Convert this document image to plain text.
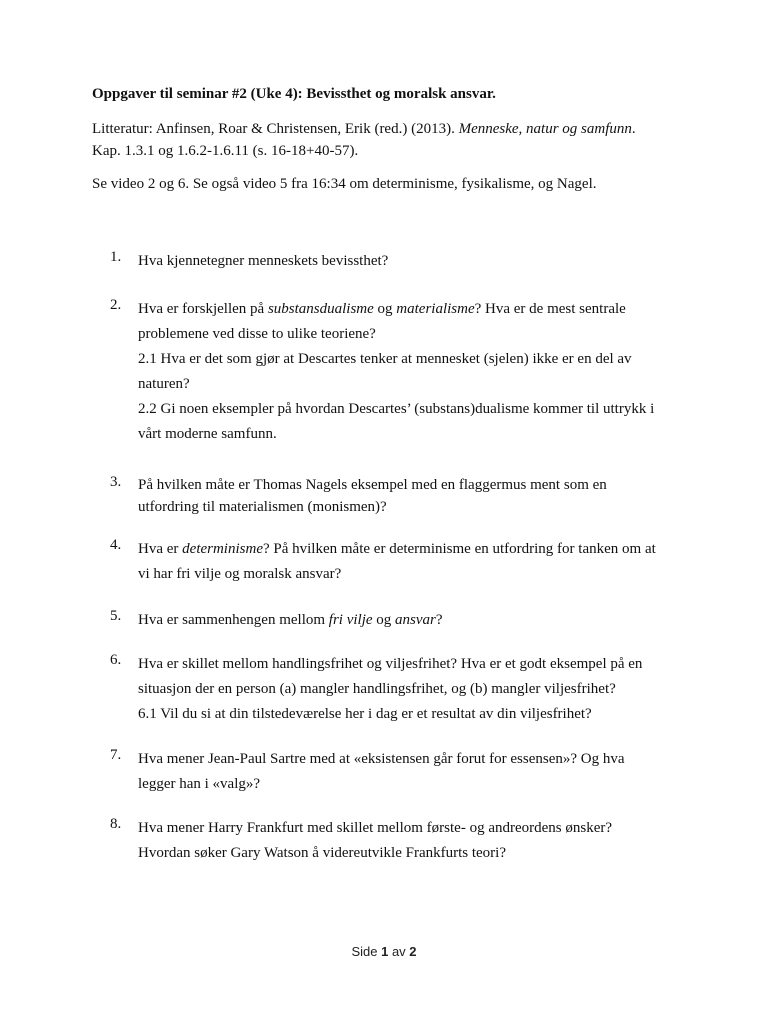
Oppgaver til seminar #2 (Uke 4): Bevissthet og moralsk ansvar.

Litteratur: Anfinsen, Roar & Christensen, Erik (red.) (2013). Menneske, natur og samfunn.
Kap. 1.3.1 og 1.6.2-1.6.11 (s. 16-18+40-57).

Se video 2 og 6. Se også video 5 fra 16:34 om determinisme, fysikalisme, og Nagel.

1. Hva kjennetegner menneskets bevissthet?
2. Hva er forskjellen på substansdualisme og materialisme? Hva er de mest sentrale
problemene ved disse to ulike teoriene?
2.1 Hva er det som gjør at Descartes tenker at mennesket (sjelen) ikke er en del av
naturen?
2.2 Gi noen eksempler på hvordan Descartes’ (substans)dualisme kommer til uttrykk i
vårt moderne samfunn.
3. På hvilken måte er Thomas Nagels eksempel med en flaggermus ment som en
utfordring til materialismen (monismen)?
4. Hva er determinisme? På hvilken måte er determinisme en utfordring for tanken om at
vi har fri vilje og moralsk ansvar?
5. Hva er sammenhengen mellom fri vilje og ansvar?
6. Hva er skillet mellom handlingsfrihet og viljesfrihet? Hva er et godt eksempel på en
situasjon der en person (a) mangler handlingsfrihet, og (b) mangler viljesfrihet?
6.1 Vil du si at din tilstedeværelse her i dag er et resultat av din viljesfrihet?
7. Hva mener Jean-Paul Sartre med at «eksistensen går forut for essensen»? Og hva
legger han i «valg»?
8. Hva mener Harry Frankfurt med skillet mellom første- og andreordens ønsker?
Hvordan søker Gary Watson å videreutvikle Frankfurts teori?
Side 1 av 2
